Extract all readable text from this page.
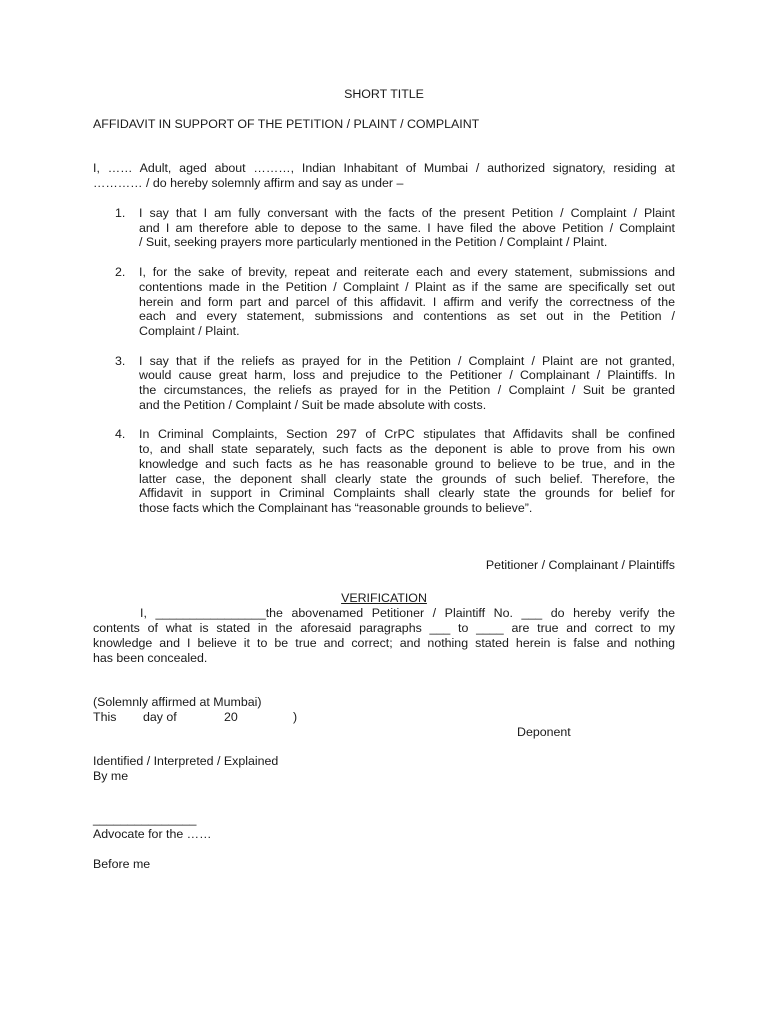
SHORT TITLE
AFFIDAVIT IN SUPPORT OF THE PETITION / PLAINT / COMPLAINT
I, …… Adult, aged about ………, Indian Inhabitant of Mumbai / authorized signatory, residing at
………… / do hereby solemnly affirm and say as under –
1. I say that I am fully conversant with the facts of the present Petition / Complaint / Plaint
and I am therefore able to depose to the same. I have filed the above Petition / Complaint
/ Suit, seeking prayers more particularly mentioned in the Petition / Complaint / Plaint.
2. I, for the sake of brevity, repeat and reiterate each and every statement, submissions and
contentions made in the Petition / Complaint / Plaint as if the same are specifically set out
herein and form part and parcel of this affidavit. I affirm and verify the correctness of the
each and every statement, submissions and contentions as set out in the Petition /
Complaint / Plaint.
3. I say that if the reliefs as prayed for in the Petition / Complaint / Plaint are not granted,
would cause great harm, loss and prejudice to the Petitioner / Complainant / Plaintiffs. In
the circumstances, the reliefs as prayed for in the Petition / Complaint / Suit be granted
and the Petition / Complaint / Suit be made absolute with costs.
4. In Criminal Complaints, Section 297 of CrPC stipulates that Affidavits shall be confined
to, and shall state separately, such facts as the deponent is able to prove from his own
knowledge and such facts as he has reasonable ground to believe to be true, and in the
latter case, the deponent shall clearly state the grounds of such belief. Therefore, the
Affidavit in support in Criminal Complaints shall clearly state the grounds for belief for
those facts which the Complainant has “reasonable grounds to believe”.
Petitioner / Complainant / Plaintiffs
VERIFICATION
I, ________________the abovenamed Petitioner / Plaintiff No. ___ do hereby verify the
contents of what is stated in the aforesaid paragraphs ___ to ____ are true and correct to my
knowledge and I believe it to be true and correct; and nothing stated herein is false and nothing
has been concealed.
(Solemnly affirmed at Mumbai)
This day of	20	)
Deponent
Identified / Interpreted / Explained
By me
_______________
Advocate for the ……
Before me
